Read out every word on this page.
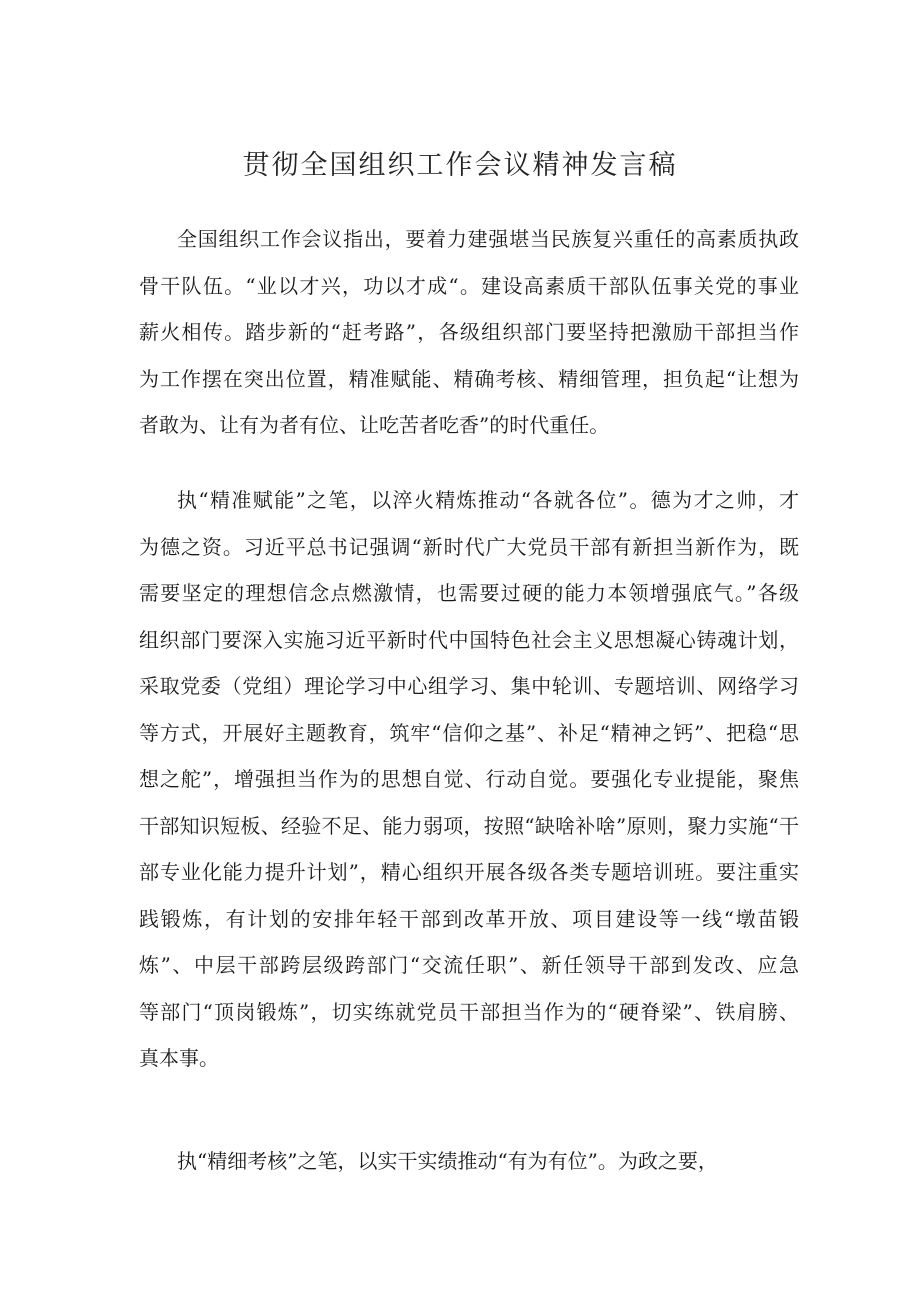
贯彻全国组织工作会议精神发言稿
全国组织工作会议指出，要着力建强堪当民族复兴重任的高素质执政
骨干队伍。“业以才兴，功以才成“。建设高素质干部队伍事关党的事业
薪火相传。踏步新的“赶考路”，各级组织部门要坚持把激励干部担当作
为工作摆在突出位置，精准赋能、精确考核、精细管理，担负起“让想为
者敢为、让有为者有位、让吃苦者吃香”的时代重任。
执“精准赋能”之笔，以淬火精炼推动“各就各位”。德为才之帅，才
为德之资。习近平总书记强调“新时代广大党员干部有新担当新作为，既
需要坚定的理想信念点燃激情，也需要过硬的能力本领增强底气。”各级
组织部门要深入实施习近平新时代中国特色社会主义思想凝心铸魂计划，
采取党委（党组）理论学习中心组学习、集中轮训、专题培训、网络学习
等方式，开展好主题教育，筑牢“信仰之基”、补足“精神之钙”、把稳“思
想之舵”，增强担当作为的思想自觉、行动自觉。要强化专业提能，聚焦
干部知识短板、经验不足、能力弱项，按照“缺啥补啥”原则，聚力实施“干
部专业化能力提升计划”，精心组织开展各级各类专题培训班。要注重实
践锻炼，有计划的安排年轻干部到改革开放、项目建设等一线“墩苗锻
炼”、中层干部跨层级跨部门“交流任职”、新任领导干部到发改、应急
等部门“顶岗锻炼”，切实练就党员干部担当作为的“硬脊梁”、铁肩膀、
真本事。
执“精细考核”之笔，以实干实绩推动“有为有位”。为政之要，
